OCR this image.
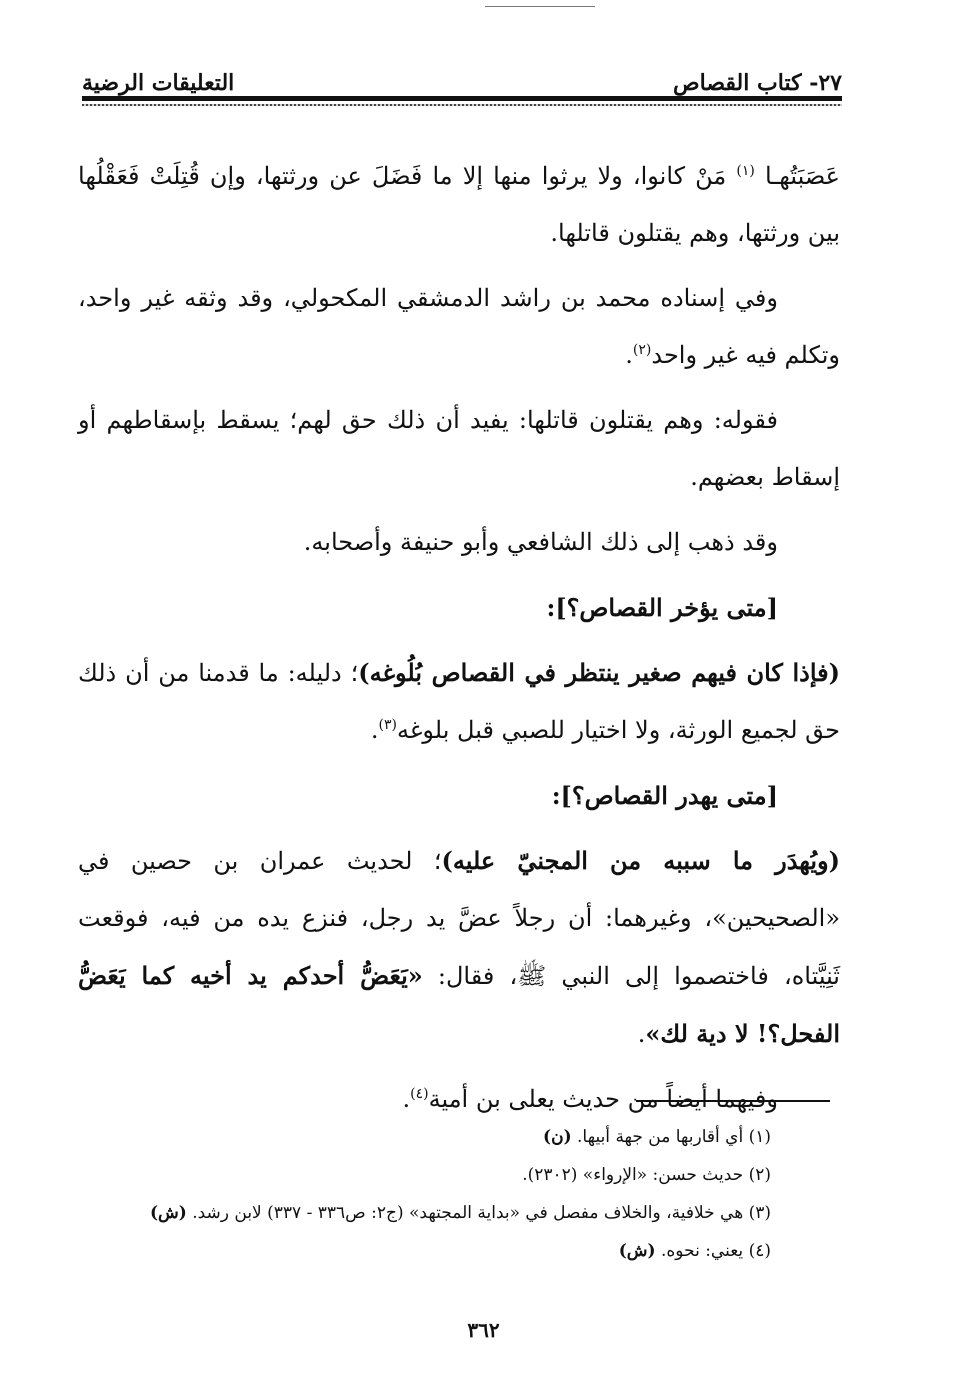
٢٧- كتاب القصاص
التعليقات الرضية

عَصَبَتُهـا $^{(١)}$ مَنْ كانوا، ولا يرثوا منها إلا ما فَضَلَ عن ورثتها، وإن قُتِلَتْ فَعَقْلُها بين ورثتها، وهم يقتلون قاتلها.

وفي إسناده محمد بن راشد الدمشقي المكحولي، وقد وثقه غير واحد، وتكلم فيه غير واحد$^{(٢)}$.

فقوله: وهم يقتلون قاتلها: يفيد أن ذلك حق لهم؛ يسقط بإسقاطهم أو إسقاط بعضهم.

وقد ذهب إلى ذلك الشافعي وأبو حنيفة وأصحابه.

[متى يؤخر القصاص؟]:

(فإذا كان فيهم صغير ينتظر في القصاص بُلُوغه)؛ دليله: ما قدمنا من أن ذلك حق لجميع الورثة، ولا اختيار للصبي قبل بلوغه$^{(٣)}$.

[متى يهدر القصاص؟]:

(ويُهدَر ما سببه من المجنيّ عليه)؛ لحديث عمران بن حصين في «الصحيحين»، وغيرهما: أن رجلاً عضَّ يد رجل، فنزع يده من فيه، فوقعت ثَنِيَّتاه، فاختصموا إلى النبي ﷺ، فقال: «يَعَضُّ أحدكم يد أخيه كما يَعَضُّ الفحل؟! لا دية لك».

وفيهما أيضاً من حديث يعلى بن أمية$^{(٤)}$.

(١) أي أقاربها من جهة أبيها. (ن)
(٢) حديث حسن: «الإرواء» (٢٣٠٢).
(٣) هي خلافية، والخلاف مفصل في «بداية المجتهد» (ج٢: ص٣٣٦ - ٣٣٧) لابن رشد. (ش)
(٤) يعني: نحوه. (ش)
٣٦٢
